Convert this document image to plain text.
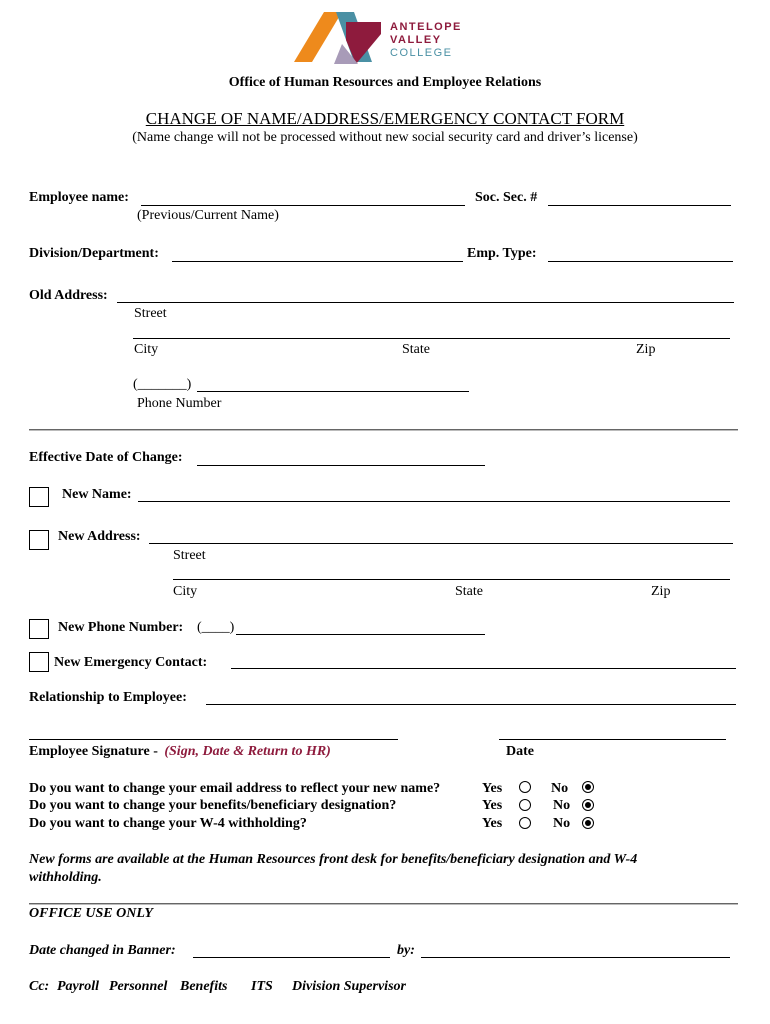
ANTELOPE
VALLEY
COLLEGE
Office of Human Resources and Employee Relations
CHANGE OF NAME/ADDRESS/EMERGENCY CONTACT FORM
(Name change will not be processed without new social security card and driver’s license)
Employee name:	Soc. Sec. #
(Previous/Current Name)
Division/Department:	Emp. Type:
Old Address:
Street
City	State	Zip
(_______)
Phone Number
Effective Date of Change:
New Name:
New Address:
Street
City	State	Zip
New Phone Number: (____)
New Emergency Contact:
Relationship to Employee:
Employee Signature - (Sign, Date & Return to HR)	Date
Do you want to change your email address to reflect your new name?	Yes	No
Do you want to change your benefits/beneficiary designation?	Yes	No
Do you want to change your W-4 withholding?	Yes	No
New forms are available at the Human Resources front desk for benefits/beneficiary designation and W-4
withholding.
OFFICE USE ONLY
Date changed in Banner:	by:
Cc: Payroll Personnel Benefits ITS Division Supervisor
